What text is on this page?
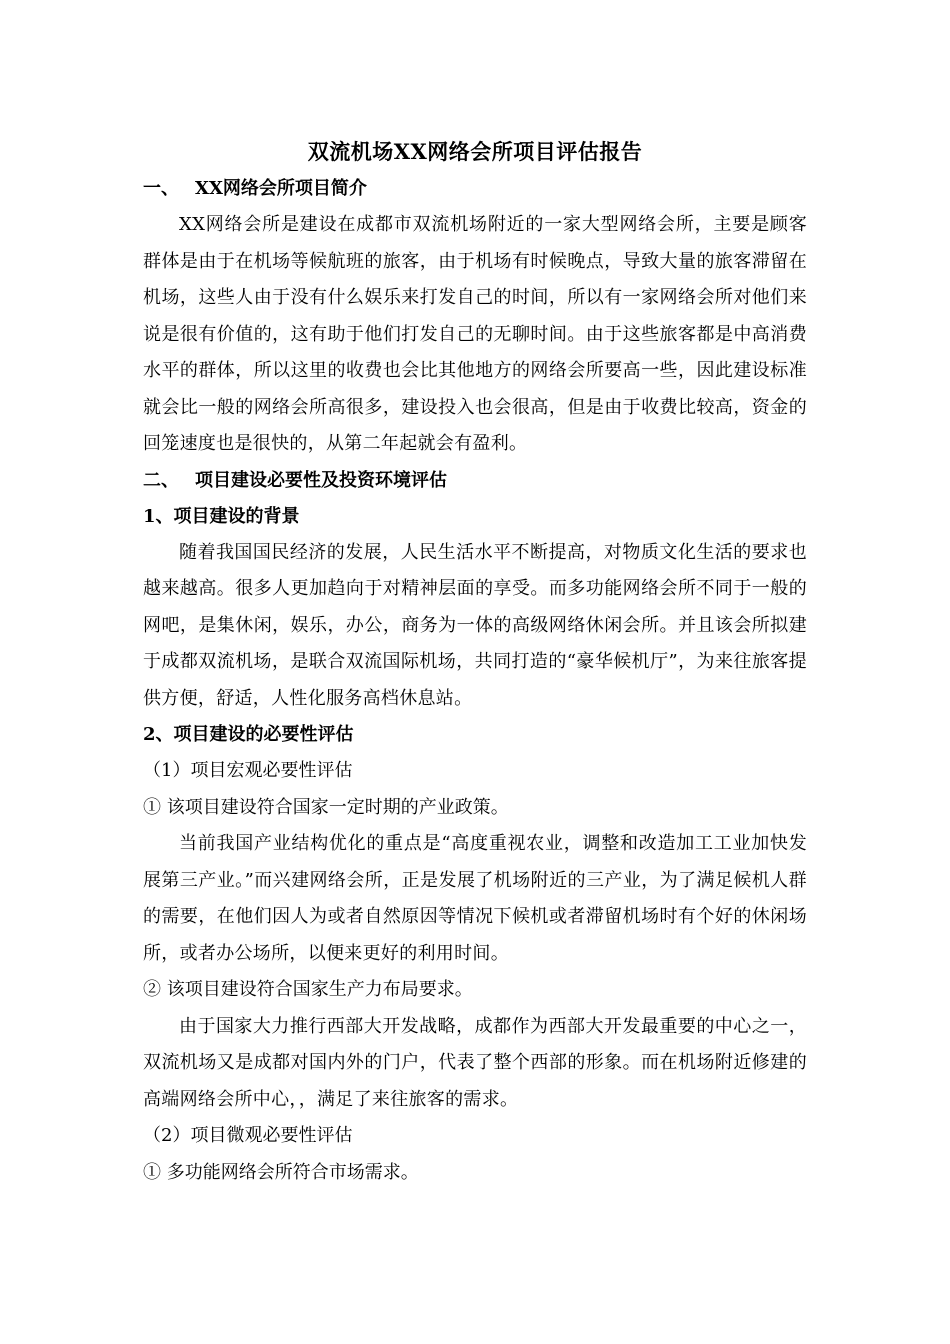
双流机场XX网络会所项目评估报告
一、 XX网络会所项目简介

XX网络会所是建设在成都市双流机场附近的一家大型网络会所，主要是顾客群体是由于在机场等候航班的旅客，由于机场有时候晚点，导致大量的旅客滞留在机场，这些人由于没有什么娱乐来打发自己的时间，所以有一家网络会所对他们来说是很有价值的，这有助于他们打发自己的无聊时间。由于这些旅客都是中高消费水平的群体，所以这里的收费也会比其他地方的网络会所要高一些，因此建设标准就会比一般的网络会所高很多，建设投入也会很高，但是由于收费比较高，资金的回笼速度也是很快的，从第二年起就会有盈利。

二、 项目建设必要性及投资环境评估
1、项目建设的背景

随着我国国民经济的发展，人民生活水平不断提高，对物质文化生活的要求也越来越高。很多人更加趋向于对精神层面的享受。而多功能网络会所不同于一般的网吧，是集休闲，娱乐，办公，商务为一体的高级网络休闲会所。并且该会所拟建于成都双流机场，是联合双流国际机场，共同打造的“豪华候机厅”，为来往旅客提供方便，舒适，人性化服务高档休息站。

2、项目建设的必要性评估

（1）项目宏观必要性评估

① 该项目建设符合国家一定时期的产业政策。

当前我国产业结构优化的重点是“高度重视农业，调整和改造加工工业加快发展第三产业。”而兴建网络会所，正是发展了机场附近的三产业，为了满足候机人群的需要，在他们因人为或者自然原因等情况下候机或者滞留机场时有个好的休闲场所，或者办公场所，以便来更好的利用时间。

② 该项目建设符合国家生产力布局要求。

由于国家大力推行西部大开发战略，成都作为西部大开发最重要的中心之一，双流机场又是成都对国内外的门户，代表了整个西部的形象。而在机场附近修建的高端网络会所中心，，满足了来往旅客的需求。

（2）项目微观必要性评估

① 多功能网络会所符合市场需求。
